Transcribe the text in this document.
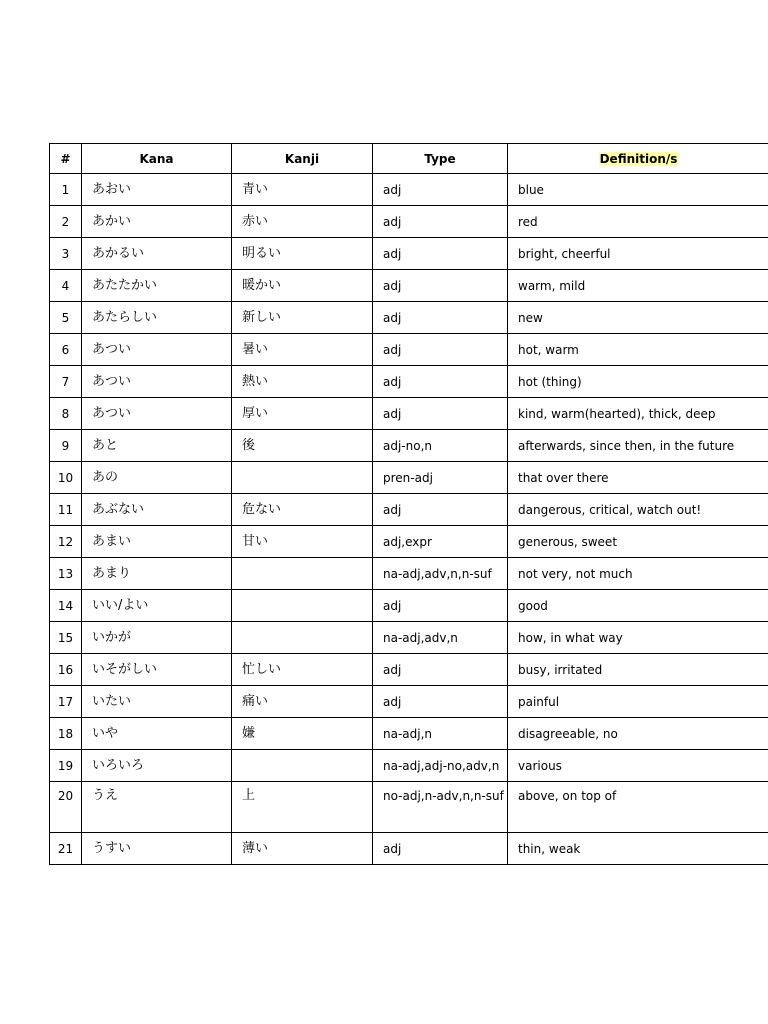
#	Kana	Kanji	Type	Definition/s
1	あおい	青い	adj	blue
2	あかい	赤い	adj	red
3	あかるい	明るい	adj	bright, cheerful
4	あたたかい	暖かい	adj	warm, mild
5	あたらしい	新しい	adj	new
6	あつい	暑い	adj	hot, warm
7	あつい	熱い	adj	hot (thing)
8	あつい	厚い	adj	kind, warm(hearted), thick, deep
9	あと	後	adj-no,n	afterwards, since then, in the future
10	あの		pren-adj	that over there
11	あぶない	危ない	adj	dangerous, critical, watch out!
12	あまい	甘い	adj,expr	generous, sweet
13	あまり		na-adj,adv,n,n-suf	not very, not much
14	いい/よい		adj	good
15	いかが		na-adj,adv,n	how, in what way
16	いそがしい	忙しい	adj	busy, irritated
17	いたい	痛い	adj	painful
18	いや	嫌	na-adj,n	disagreeable, no
19	いろいろ		na-adj,adj-no,adv,n	various
20	うえ	上	no-adj,n-adv,n,n-suf	above, on top of
21	うすい	薄い	adj	thin, weak
